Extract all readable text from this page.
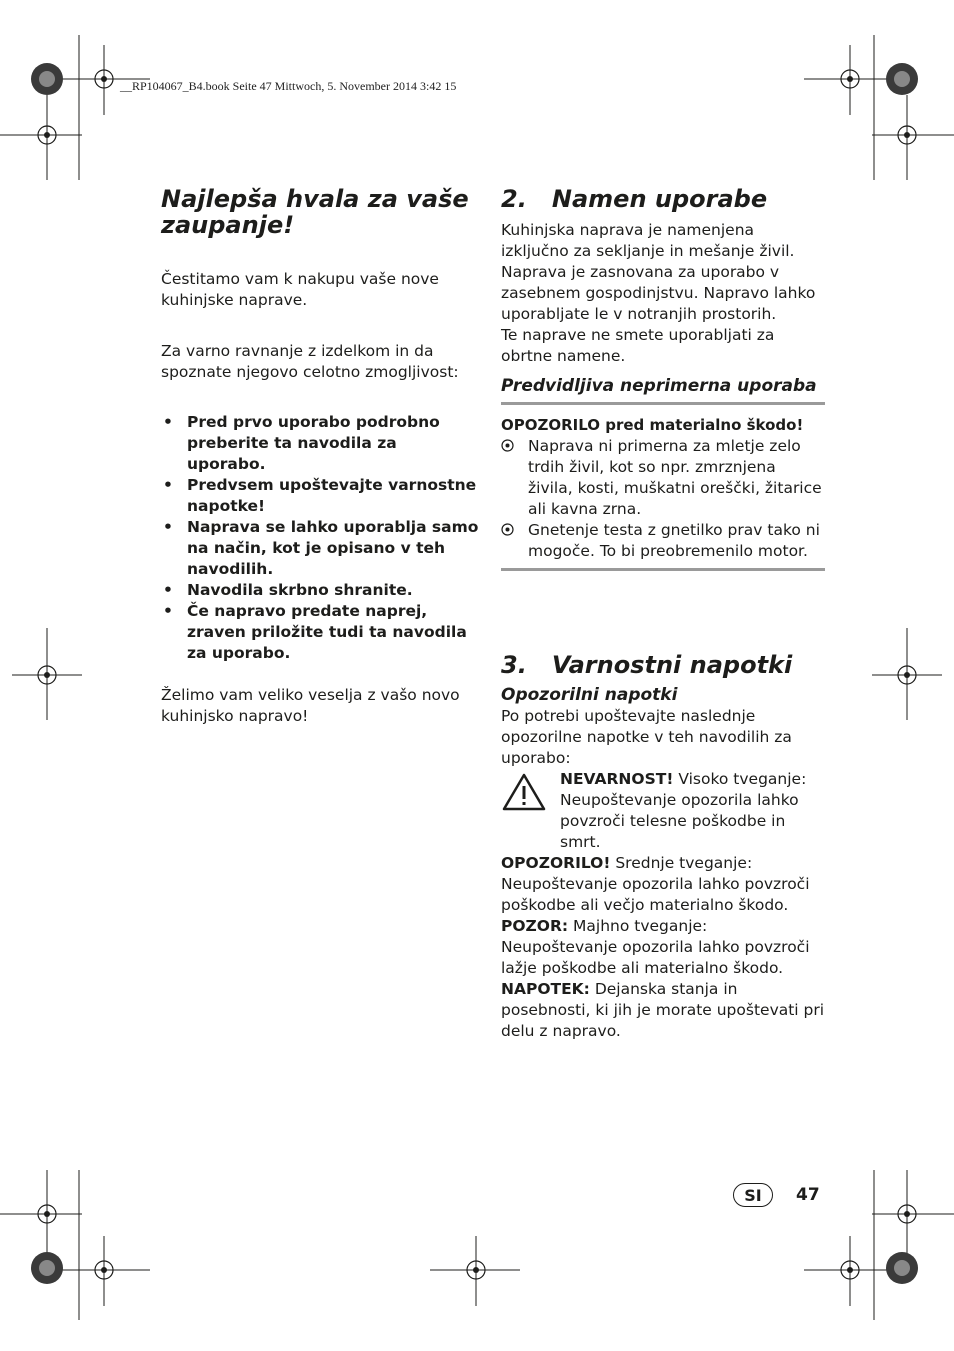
__RP104067_B4.book Seite 47 Mittwoch, 5. November 2014 3:42 15
Najlepša hvala za vaše zaupanje!
Čestitamo vam k nakupu vaše nove kuhinjske naprave.
Za varno ravnanje z izdelkom in da spoznate njegovo celotno zmogljivost:
• Pred prvo uporabo podrobno preberite ta navodila za uporabo.
• Predvsem upoštevajte varnostne napotke!
• Naprava se lahko uporablja samo na način, kot je opisano v teh navodilih.
• Navodila skrbno shranite.
• Če napravo predate naprej, zraven priložite tudi ta navodila za uporabo.
Želimo vam veliko veselja z vašo novo kuhinjsko napravo!
2.   Namen uporabe
Kuhinjska naprava je namenjena izključno za sekljanje in mešanje živil.
Naprava je zasnovana za uporabo v zasebnem gospodinjstvu. Napravo lahko uporabljate le v notranjih prostorih.
Te naprave ne smete uporabljati za obrtne namene.
Predvidljiva neprimerna uporaba
OPOZORILO pred materialno škodo!
Naprava ni primerna za mletje zelo trdih živil, kot so npr. zmrznjena živila, kosti, muškatni oreščki, žitarice ali kavna zrna.
Gnetenje testa z gnetilko prav tako ni mogoče. To bi preobremenilo motor.
3.   Varnostni napotki
Opozorilni napotki
Po potrebi upoštevajte naslednje opozorilne napotke v teh navodilih za uporabo:
NEVARNOST! Visoko tveganje: Neupoštevanje opozorila lahko povzroči telesne poškodbe in smrt.
OPOZORILO! Srednje tveganje: Neupoštevanje opozorila lahko povzroči poškodbe ali večjo materialno škodo.
POZOR: Majhno tveganje: Neupoštevanje opozorila lahko povzroči lažje poškodbe ali materialno škodo.
NAPOTEK: Dejanska stanja in posebnosti, ki jih je morate upoštevati pri delu z napravo.
SI	47
